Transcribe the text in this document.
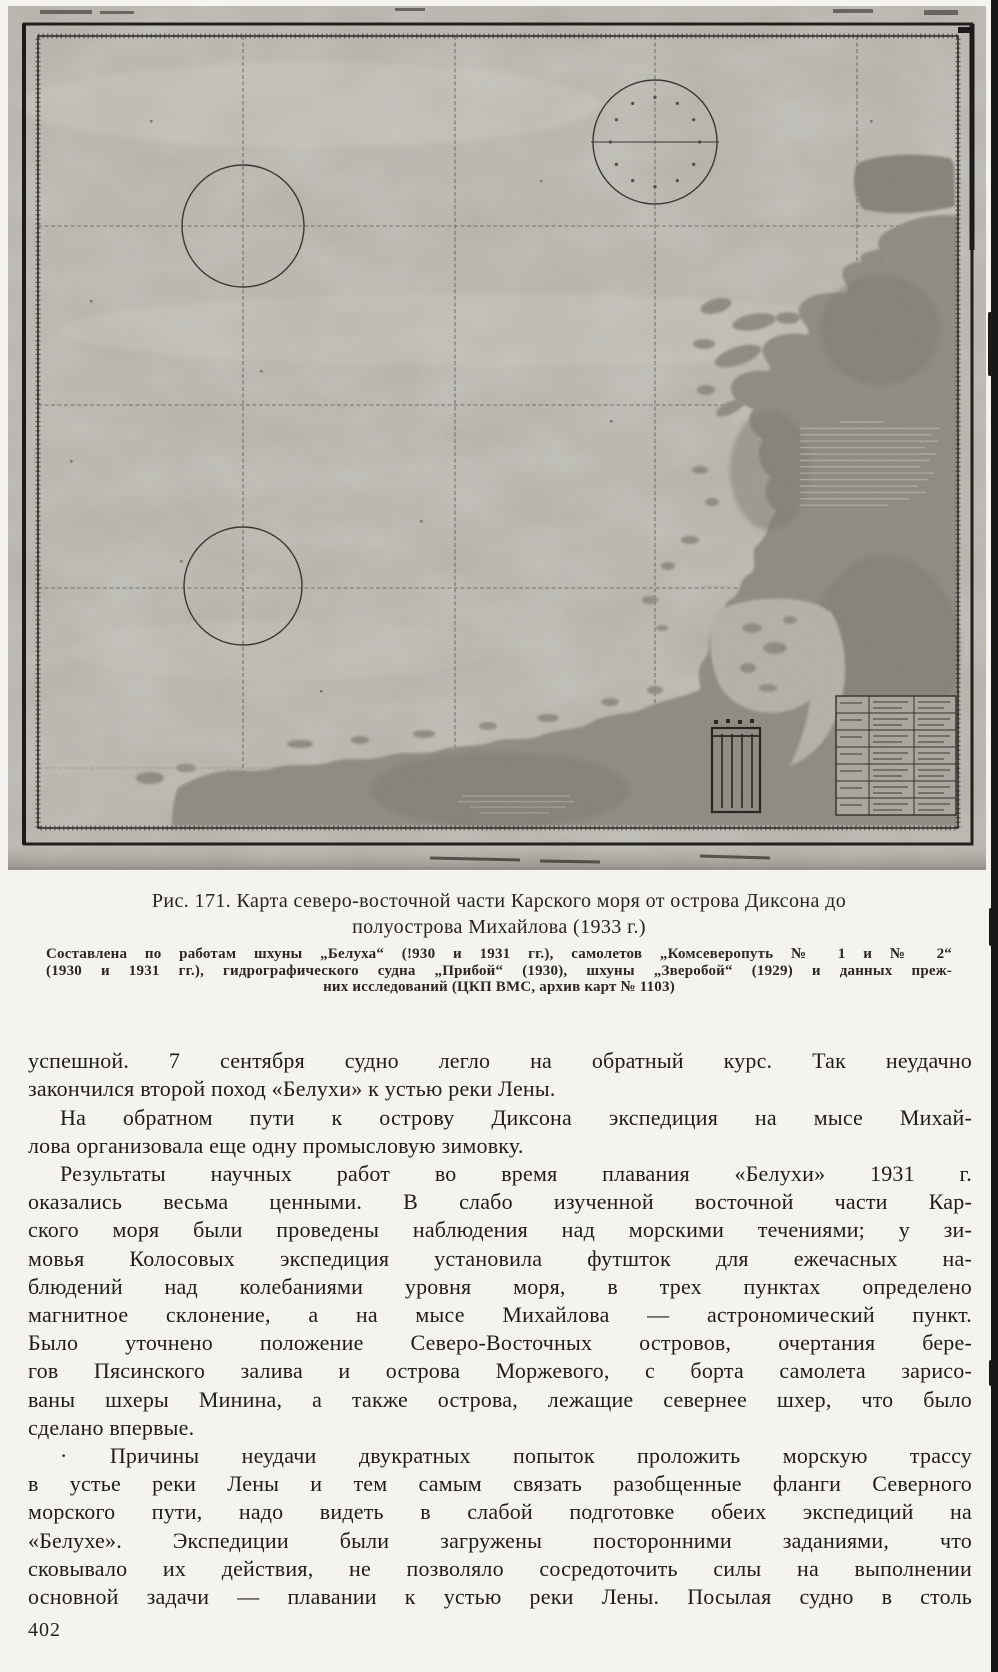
Рис. 171. Карта северо-восточной части Карского моря от острова Диксона до
полуострова Михайлова (1933 г.)
Составлена по работам шхуны „Белуха“ (!930 и 1931 гг.), самолетов „Комсеверопуть № 1 и № 2“
(1930 и 1931 гг.), гидрографического судна „Прибой“ (1930), шхуны „Зверобой“ (1929) и данных преж-
них исследований (ЦКП ВМС, архив карт № 1103)
успешной. 7 сентября судно легло на обратный курс. Так неудачно
закончился второй поход «Белухи» к устью реки Лены.
На обратном пути к острову Диксона экспедиция на мысе Михай-
лова организовала еще одну промысловую зимовку.
Результаты научных работ во время плавания «Белухи» 1931 г.
оказались весьма ценными. В слабо изученной восточной части Кар-
ского моря были проведены наблюдения над морскими течениями; у зи-
мовья Колосовых экспедиция установила футшток для ежечасных на-
блюдений над колебаниями уровня моря, в трех пунктах определено
магнитное склонение, а на мысе Михайлова — астрономический пункт.
Было уточнено положение Северо-Восточных островов, очертания бере-
гов Пясинского залива и острова Моржевого, с борта самолета зарисо-
ваны шхеры Минина, а также острова, лежащие севернее шхер, что было
сделано впервые.
· Причины неудачи двукратных попыток проложить морскую трассу
в устье реки Лены и тем самым связать разобщенные фланги Северного
морского пути, надо видеть в слабой подготовке обеих экспедиций на
«Белухе». Экспедиции были загружены посторонними заданиями, что
сковывало их действия, не позволяло сосредоточить силы на выполнении
основной задачи — плавании к устью реки Лены. Посылая судно в столь
402
